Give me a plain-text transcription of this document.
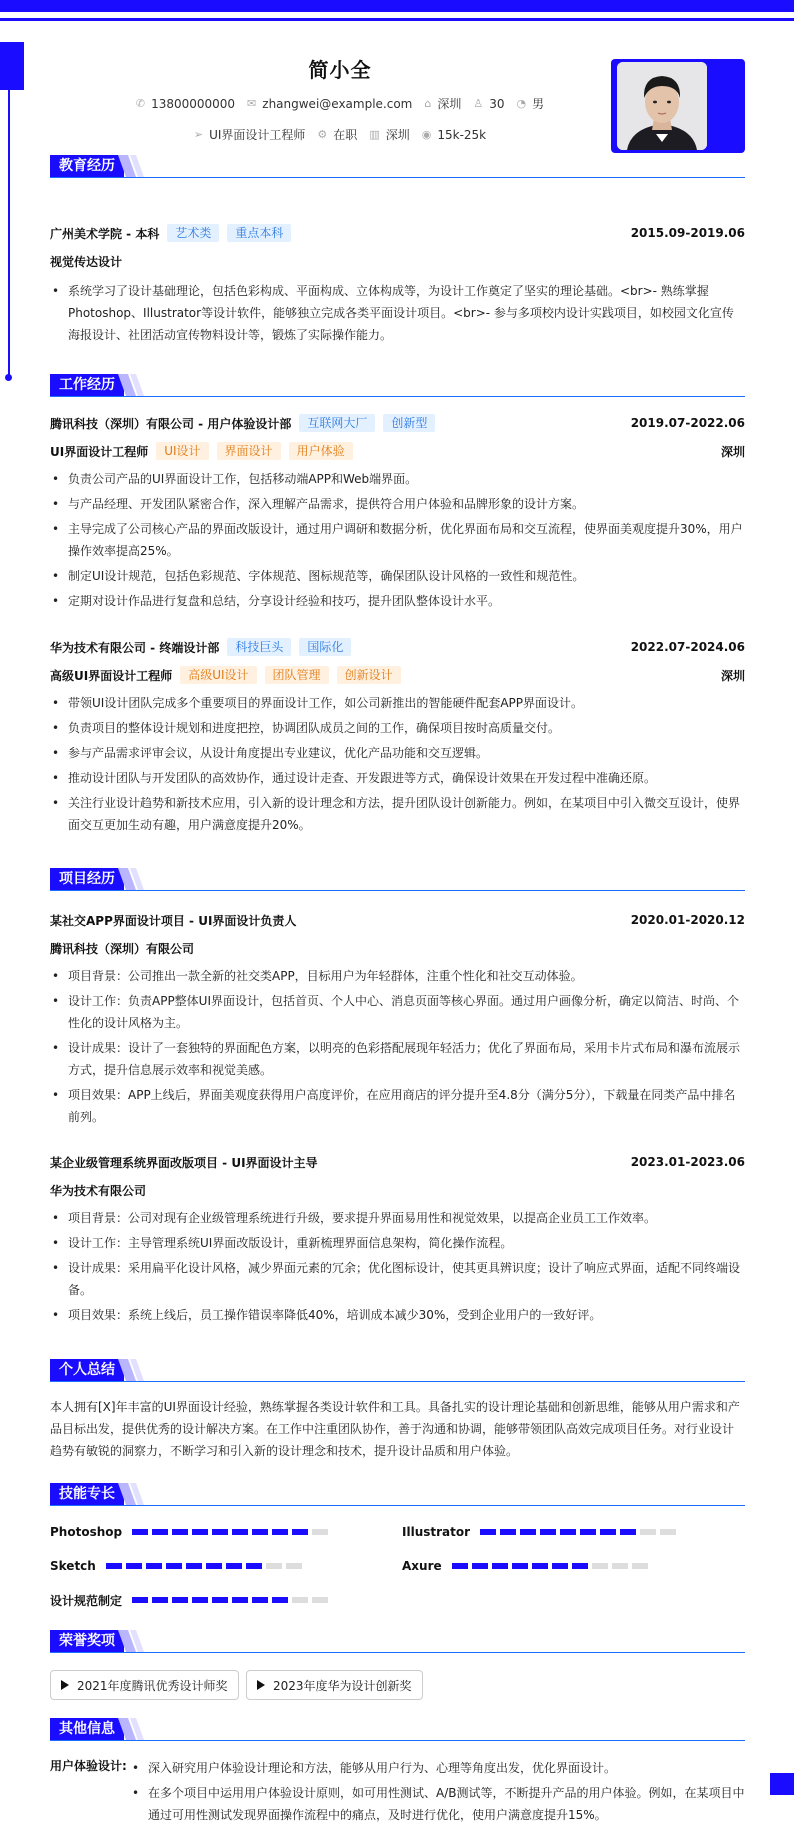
简小全
✆ 13800000000 ✉ zhangwei@example.com ⌂ 深圳 ♙ 30 ◔ 男
➢ UI界面设计工程师 ⚙ 在职 ▥ 深圳 ◉ 15k-25k
教育经历
广州美术学院 - 本科	艺术类	重点本科	2015.09-2019.06
视觉传达设计
• 系统学习了设计基础理论，包括色彩构成、平面构成、立体构成等，为设计工作奠定了坚实的理论基础。<br>- 熟练掌握Photoshop、Illustrator等设计软件，能够独立完成各类平面设计项目。<br>- 参与多项校内设计实践项目，如校园文化宣传海报设计、社团活动宣传物料设计等，锻炼了实际操作能力。
工作经历
腾讯科技（深圳）有限公司 - 用户体验设计部	互联网大厂	创新型	2019.07-2022.06
UI界面设计工程师	UI设计	界面设计	用户体验	深圳
• 负责公司产品的UI界面设计工作，包括移动端APP和Web端界面。
• 与产品经理、开发团队紧密合作，深入理解产品需求，提供符合用户体验和品牌形象的设计方案。
• 主导完成了公司核心产品的界面改版设计，通过用户调研和数据分析，优化界面布局和交互流程，使界面美观度提升30%，用户操作效率提高25%。
• 制定UI设计规范，包括色彩规范、字体规范、图标规范等，确保团队设计风格的一致性和规范性。
• 定期对设计作品进行复盘和总结，分享设计经验和技巧，提升团队整体设计水平。
华为技术有限公司 - 终端设计部	科技巨头	国际化	2022.07-2024.06
高级UI界面设计工程师	高级UI设计	团队管理	创新设计	深圳
• 带领UI设计团队完成多个重要项目的界面设计工作，如公司新推出的智能硬件配套APP界面设计。
• 负责项目的整体设计规划和进度把控，协调团队成员之间的工作，确保项目按时高质量交付。
• 参与产品需求评审会议，从设计角度提出专业建议，优化产品功能和交互逻辑。
• 推动设计团队与开发团队的高效协作，通过设计走查、开发跟进等方式，确保设计效果在开发过程中准确还原。
• 关注行业设计趋势和新技术应用，引入新的设计理念和方法，提升团队设计创新能力。例如，在某项目中引入微交互设计，使界面交互更加生动有趣，用户满意度提升20%。
项目经历
某社交APP界面设计项目 - UI界面设计负责人	2020.01-2020.12
腾讯科技（深圳）有限公司
• 项目背景：公司推出一款全新的社交类APP，目标用户为年轻群体，注重个性化和社交互动体验。
• 设计工作：负责APP整体UI界面设计，包括首页、个人中心、消息页面等核心界面。通过用户画像分析，确定以简洁、时尚、个性化的设计风格为主。
• 设计成果：设计了一套独特的界面配色方案，以明亮的色彩搭配展现年轻活力；优化了界面布局，采用卡片式布局和瀑布流展示方式，提升信息展示效率和视觉美感。
• 项目效果：APP上线后，界面美观度获得用户高度评价，在应用商店的评分提升至4.8分（满分5分），下载量在同类产品中排名前列。
某企业级管理系统界面改版项目 - UI界面设计主导	2023.01-2023.06
华为技术有限公司
• 项目背景：公司对现有企业级管理系统进行升级，要求提升界面易用性和视觉效果，以提高企业员工工作效率。
• 设计工作：主导管理系统UI界面改版设计，重新梳理界面信息架构，简化操作流程。
• 设计成果：采用扁平化设计风格，减少界面元素的冗余；优化图标设计，使其更具辨识度；设计了响应式界面，适配不同终端设备。
• 项目效果：系统上线后，员工操作错误率降低40%，培训成本减少30%，受到企业用户的一致好评。
个人总结
本人拥有[X]年丰富的UI界面设计经验，熟练掌握各类设计软件和工具。具备扎实的设计理论基础和创新思维，能够从用户需求和产品目标出发，提供优秀的设计解决方案。在工作中注重团队协作，善于沟通和协调，能够带领团队高效完成项目任务。对行业设计趋势有敏锐的洞察力，不断学习和引入新的设计理念和技术，提升设计品质和用户体验。
技能专长
Photoshop	Illustrator
Sketch	Axure
设计规范制定
荣誉奖项
2021年度腾讯优秀设计师奖	2023年度华为设计创新奖
其他信息
用户体验设计:
•	深入研究用户体验设计理论和方法，能够从用户行为、心理等角度出发，优化界面设计。
• 在多个项目中运用用户体验设计原则，如可用性测试、A/B测试等，不断提升产品的用户体验。例如，在某项目中通过可用性测试发现界面操作流程中的痛点，及时进行优化，使用户满意度提升15%。
